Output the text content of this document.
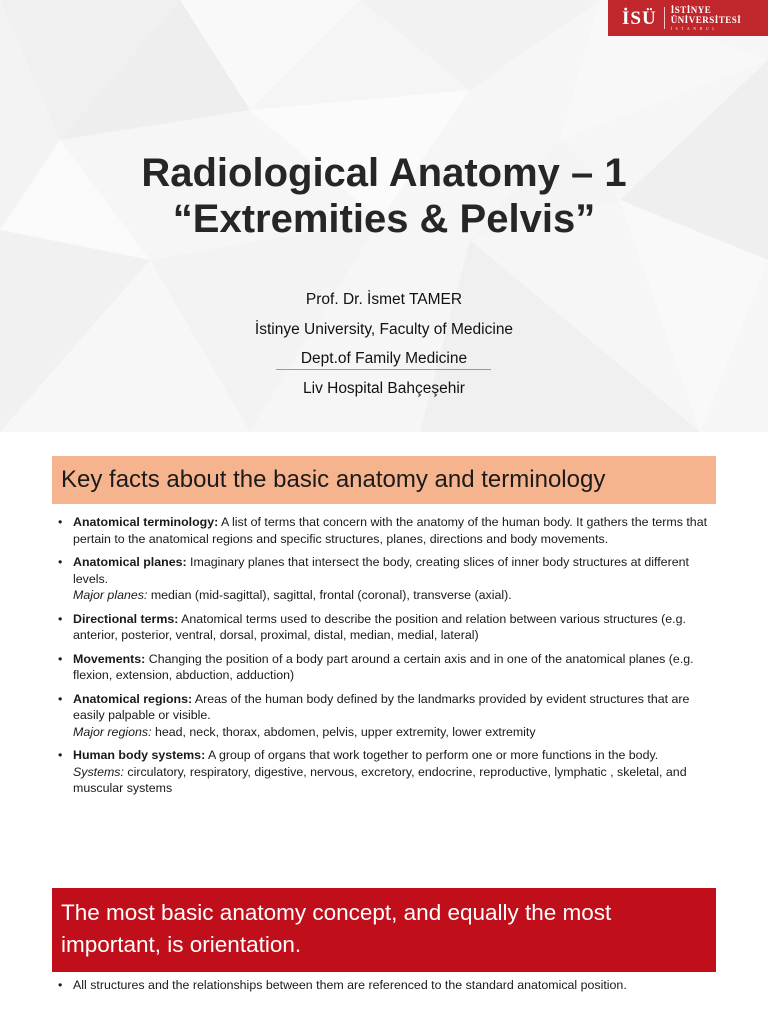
İSÜ İSTİNYE
ÜNİVERSİTESİ
İSTANBUL
Radiological Anatomy – 1
“Extremities & Pelvis”
Prof. Dr. İsmet TAMER
İstinye University, Faculty of Medicine
Dept.of Family Medicine
Liv Hospital Bahçeşehir
Key facts about the basic anatomy and terminology
• Anatomical terminology: A list of terms that concern with the anatomy of the human body. It gathers the terms that pertain to the anatomical regions and specific structures, planes, directions and body movements.
• Anatomical planes: Imaginary planes that intersect the body, creating slices of inner body structures at different levels.
Major planes: median (mid-sagittal), sagittal, frontal (coronal), transverse (axial).
• Directional terms: Anatomical terms used to describe the position and relation between various structures (e.g. anterior, posterior, ventral, dorsal, proximal, distal, median, medial, lateral)
• Movements: Changing the position of a body part around a certain axis and in one of the anatomical planes (e.g. flexion, extension, abduction, adduction)
• Anatomical regions: Areas of the human body defined by the landmarks provided by evident structures that are easily palpable or visible.
Major regions: head, neck, thorax, abdomen, pelvis, upper extremity, lower extremity
• Human body systems: A group of organs that work together to perform one or more functions in the body. Systems: circulatory, respiratory, digestive, nervous, excretory, endocrine, reproductive, lymphatic , skeletal, and muscular systems
The most basic anatomy concept, and equally the most important, is orientation.
• All structures and the relationships between them are referenced to the standard anatomical position.
